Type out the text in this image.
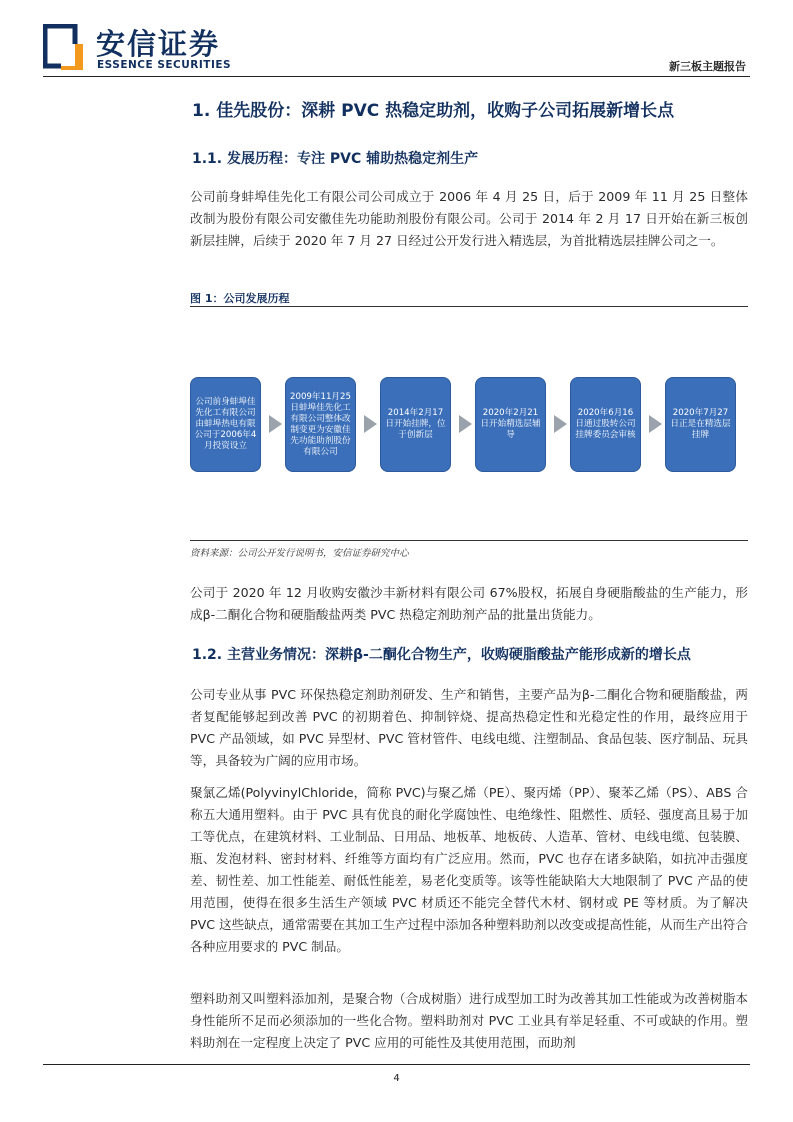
安信证券
ESSENCE SECURITIES	新三板主题报告
1. 佳先股份：深耕 PVC 热稳定助剂，收购子公司拓展新增长点
1.1. 发展历程：专注 PVC 辅助热稳定剂生产
公司前身蚌埠佳先化工有限公司公司成立于 2006 年 4 月 25 日，后于 2009 年 11 月 25 日整体改制为股份有限公司安徽佳先功能助剂股份有限公司。公司于 2014 年 2 月 17 日开始在新三板创新层挂牌，后续于 2020 年 7 月 27 日经过公开发行进入精选层，为首批精选层挂牌公司之一。
图 1：公司发展历程
公司前身蚌埠佳先化工有限公司由蚌埠热电有限公司于2006年4月投资设立
2009年11月25日蚌埠佳先化工有限公司整体改制变更为安徽佳先功能助剂股份有限公司
2014年2月17日开始挂牌，位于创新层
2020年2月21日开始精选层辅导
2020年6月16日通过股转公司挂牌委员会审核
2020年7月27日正是在精选层挂牌
资料来源：公司公开发行说明书，安信证券研究中心
公司于 2020 年 12 月收购安徽沙丰新材料有限公司 67%股权，拓展自身硬脂酸盐的生产能力，形成β-二酮化合物和硬脂酸盐两类 PVC 热稳定剂助剂产品的批量出货能力。
1.2. 主营业务情况：深耕β-二酮化合物生产，收购硬脂酸盐产能形成新的增长点
公司专业从事 PVC 环保热稳定剂助剂研发、生产和销售，主要产品为β-二酮化合物和硬脂酸盐，两者复配能够起到改善 PVC 的初期着色、抑制锌烧、提高热稳定性和光稳定性的作用，最终应用于 PVC 产品领域，如 PVC 异型材、PVC 管材管件、电线电缆、注塑制品、食品包装、医疗制品、玩具等，具备较为广阔的应用市场。
聚氯乙烯(PolyvinylChloride，简称 PVC)与聚乙烯（PE）、聚丙烯（PP）、聚苯乙烯（PS）、ABS 合称五大通用塑料。由于 PVC 具有优良的耐化学腐蚀性、电绝缘性、阻燃性、质轻、强度高且易于加工等优点，在建筑材料、工业制品、日用品、地板革、地板砖、人造革、管材、电线电缆、包装膜、瓶、发泡材料、密封材料、纤维等方面均有广泛应用。然而，PVC 也存在诸多缺陷，如抗冲击强度差、韧性差、加工性能差、耐低性能差，易老化变质等。该等性能缺陷大大地限制了 PVC 产品的使用范围，使得在很多生活生产领域 PVC 材质还不能完全替代木材、钢材或 PE 等材质。为了解决 PVC 这些缺点，通常需要在其加工生产过程中添加各种塑料助剂以改变或提高性能，从而生产出符合各种应用要求的 PVC 制品。
塑料助剂又叫塑料添加剂，是聚合物（合成树脂）进行成型加工时为改善其加工性能或为改善树脂本身性能所不足而必须添加的一些化合物。塑料助剂对 PVC 工业具有举足轻重、不可或缺的作用。塑料助剂在一定程度上决定了 PVC 应用的可能性及其使用范围，而助剂
4
